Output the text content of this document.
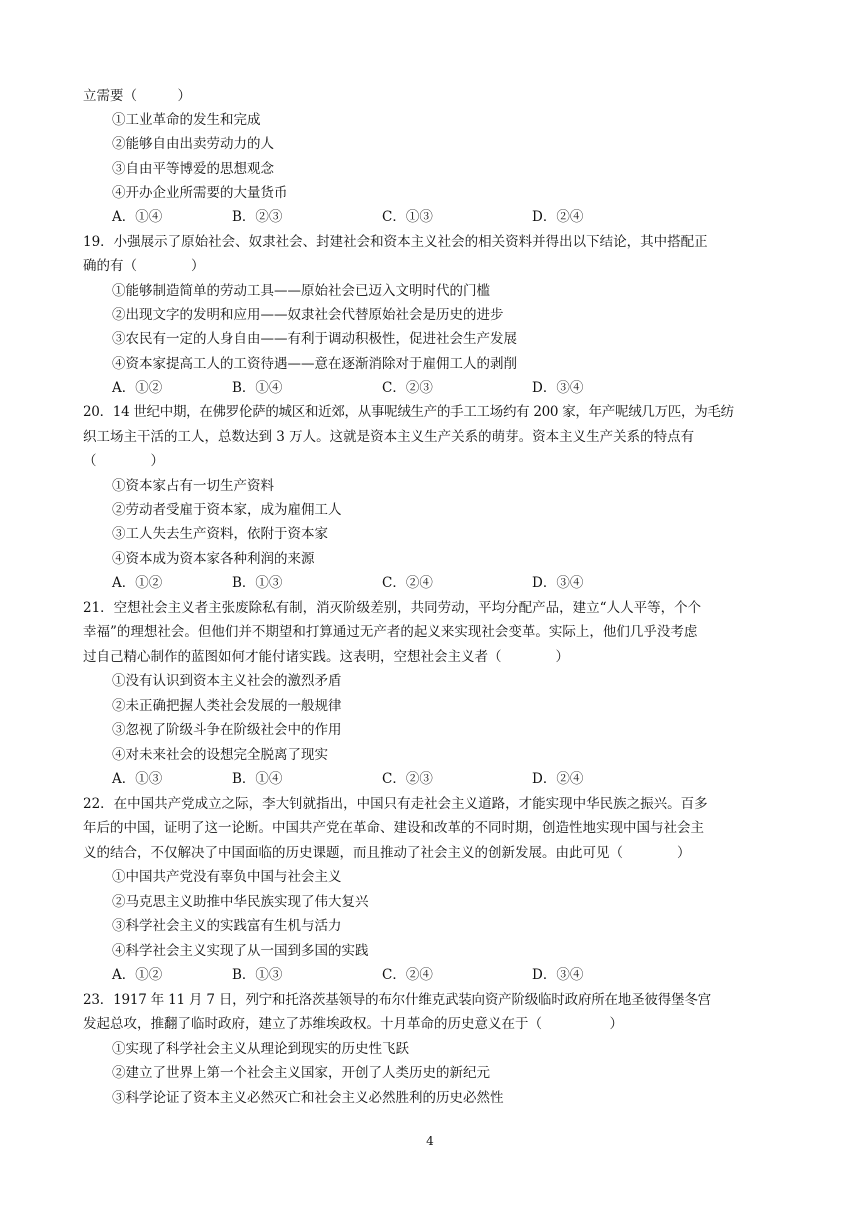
立需要（　　　）
①工业革命的发生和完成
②能够自由出卖劳动力的人
③自由平等博爱的思想观念
④开办企业所需要的大量货币
A．①④	B．②③	C．①③	D．②④
19．小强展示了原始社会、奴隶社会、封建社会和资本主义社会的相关资料并得出以下结论，其中搭配正
确的有（　　　　）
①能够制造简单的劳动工具——原始社会已迈入文明时代的门槛
②出现文字的发明和应用——奴隶社会代替原始社会是历史的进步
③农民有一定的人身自由——有利于调动积极性，促进社会生产发展
④资本家提高工人的工资待遇——意在逐渐消除对于雇佣工人的剥削
A．①②	B．①④	C．②③	D．③④
20．14 世纪中期，在佛罗伦萨的城区和近郊，从事呢绒生产的手工工场约有 200 家，年产呢绒几万匹，为毛纺
织工场主干活的工人，总数达到 3 万人。这就是资本主义生产关系的萌芽。资本主义生产关系的特点有
（　　　　）
①资本家占有一切生产资料
②劳动者受雇于资本家，成为雇佣工人
③工人失去生产资料，依附于资本家
④资本成为资本家各种利润的来源
A．①②	B．①③	C．②④	D．③④
21．空想社会主义者主张废除私有制，消灭阶级差别，共同劳动，平均分配产品，建立“人人平等，个个
幸福”的理想社会。但他们并不期望和打算通过无产者的起义来实现社会变革。实际上，他们几乎没考虑
过自己精心制作的蓝图如何才能付诸实践。这表明，空想社会主义者（　　　　）
①没有认识到资本主义社会的激烈矛盾
②未正确把握人类社会发展的一般规律
③忽视了阶级斗争在阶级社会中的作用
④对未来社会的设想完全脱离了现实
A．①③	B．①④	C．②③	D．②④
22．在中国共产党成立之际，李大钊就指出，中国只有走社会主义道路，才能实现中华民族之振兴。百多
年后的中国，证明了这一论断。中国共产党在革命、建设和改革的不同时期，创造性地实现中国与社会主
义的结合，不仅解决了中国面临的历史课题，而且推动了社会主义的创新发展。由此可见（　　　　）
①中国共产党没有辜负中国与社会主义
②马克思主义助推中华民族实现了伟大复兴
③科学社会主义的实践富有生机与活力
④科学社会主义实现了从一国到多国的实践
A．①②	B．①③	C．②④	D．③④
23．1917 年 11 月 7 日，列宁和托洛茨基领导的布尔什维克武装向资产阶级临时政府所在地圣彼得堡冬宫
发起总攻，推翻了临时政府，建立了苏维埃政权。十月革命的历史意义在于（　　　　　）
①实现了科学社会主义从理论到现实的历史性飞跃
②建立了世界上第一个社会主义国家，开创了人类历史的新纪元
③科学论证了资本主义必然灭亡和社会主义必然胜利的历史必然性
4
